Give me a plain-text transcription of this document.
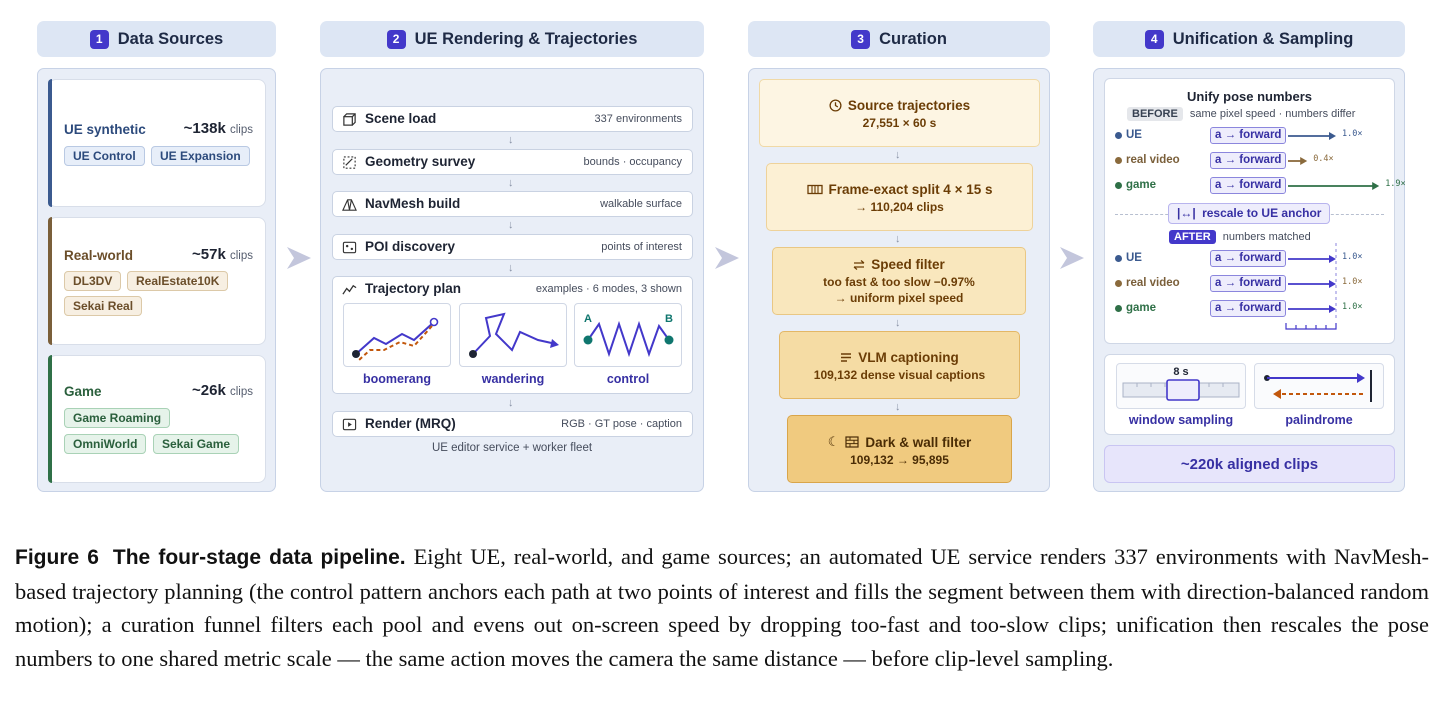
1 Data Sources	2 UE Rendering & Trajectories	3 Curation	4 Unification & Sampling
UE synthetic	~138k clips
UE Control	UE Expansion
Real-world	~57k clips
DL3DV	RealEstate10K
Sekai Real
Game	~26k clips
Game Roaming
OmniWorld	Sekai Game
Scene load	337 environments
↓
Geometry survey	bounds · occupancy
↓
NavMesh build	walkable surface
↓
POI discovery	points of interest
↓
Trajectory plan	examples · 6 modes, 3 shown
A	B
boomerang	wandering	control
↓
Render (MRQ)	RGB · GT pose · caption
UE editor service + worker fleet
Source trajectories
27,551 × 60 s
↓
Frame-exact split 4 × 15 s
→ 110,204 clips
↓
Speed filter
too fast & too slow −0.97%
→ uniform pixel speed
↓
VLM captioning
109,132 dense visual captions
↓
☾ Dark & wall filter
109,132 → 95,895
Unify pose numbers
BEFORE same pixel speed · numbers differ
UE	a → forward	1.0×
real video	a → forward	0.4×
game	a → forward	1.9×
|↔| rescale to UE anchor
AFTER numbers matched
UE	a → forward	1.0×
real video	a → forward	1.0×
game	a → forward	1.0×
8 s
window sampling	palindrome
~220k aligned clips
Figure 6 The four-stage data pipeline. Eight UE, real-world, and game sources; an automated UE service renders 337 environments with NavMesh-based trajectory planning (the control pattern anchors each path at two points of interest and fills the segment between them with direction-balanced random motion); a curation funnel filters each pool and evens out on-screen speed by dropping too-fast and too-slow clips; unification then rescales the pose numbers to one shared metric scale — the same action moves the camera the same distance — before clip-level sampling.
